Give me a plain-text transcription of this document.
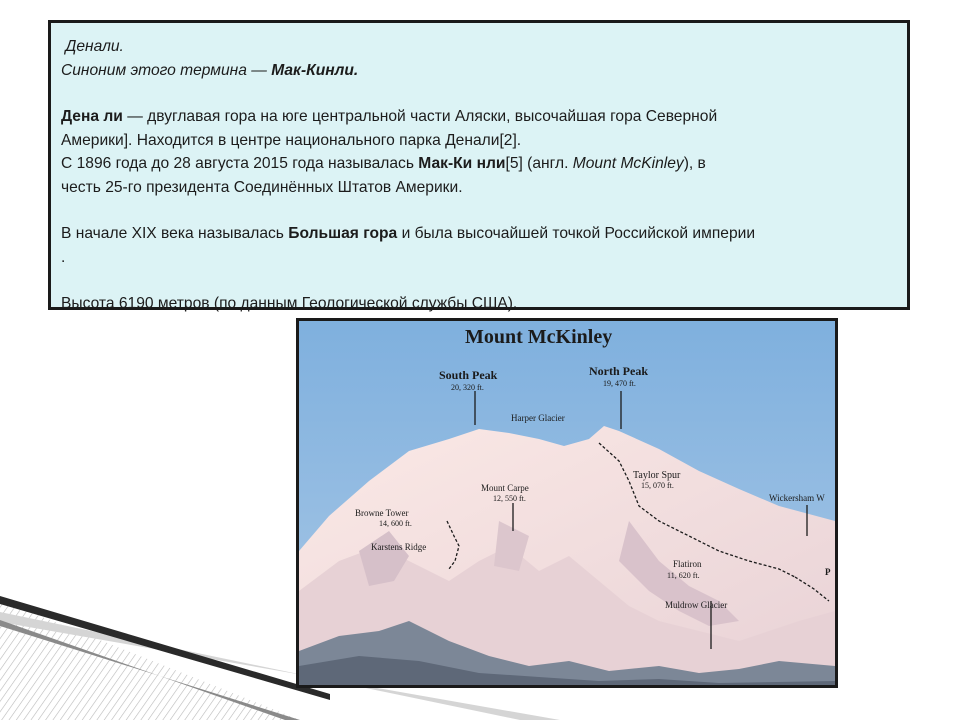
Денали.

Синоним этого термина — Мак-Кинли.

Дена ли — двуглавая гора на юге центральной части Аляски, высочайшая гора Северной
Америки]. Находится в центре национального парка Денали[2].
С 1896 года до 28 августа 2015 года называлась Мак-Ки нли[5] (англ. Mount McKinley), в
честь 25-го президента Соединённых Штатов Америки.

В начале XIX века называлась Большая гора и была высочайшей точкой Российской империи
.

Высота 6190 метров (по данным Геологической службы США).

Mount McKinley
South Peak
20, 320 ft.
North Peak
19, 470 ft.
Harper Glacier
Taylor Spur
15, 070 ft.
Wickersham W
Mount Carpe
12, 550 ft.
Browne Tower
14, 600 ft.
Karstens Ridge
Flatiron
11, 620 ft.
Muldrow Glacier
P
